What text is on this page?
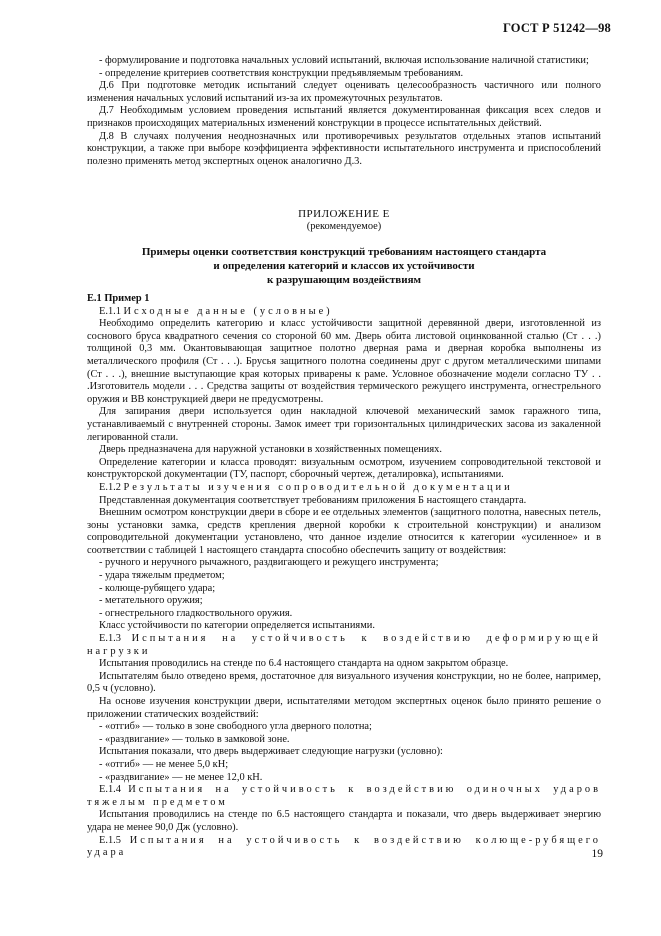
ГОСТ Р 51242—98

- формулирование и подготовка начальных условий испытаний, включая использование наличной статистики;

- определение критериев соответствия конструкции предъявляемым требованиям.

Д.6 При подготовке методик испытаний следует оценивать целесообразность частичного или полного изменения начальных условий испытаний из-за их промежуточных результатов.

Д.7 Необходимым условием проведения испытаний является документированная фиксация всех следов и признаков происходящих материальных изменений конструкции в процессе испытательных действий.

Д.8 В случаях получения неоднозначных или противоречивых результатов отдельных этапов испытаний конструкции, а также при выборе коэффициента эффективности испытательного инструмента и приспособлений полезно применять метод экспертных оценок аналогично Д.3.

ПРИЛОЖЕНИЕ Е

(рекомендуемое)

Примеры оценки соответствия конструкций требованиям настоящего стандарта

и определения категорий и классов их устойчивости

к разрушающим воздействиям

Е.1 Пример 1

Е.1.1 Исходные данные (условные)

Необходимо определить категорию и класс устойчивости защитной деревянной двери, изготовленной из соснового бруса квадратного сечения со стороной 60 мм. Дверь обита листовой оцинкованной сталью (Ст . . .) толщиной 0,3 мм. Окантовывающая защитное полотно дверная рама и дверная коробка выполнены из металлического профиля (Ст . . .). Брусья защитного полотна соединены друг с другом металлическими шипами (Ст . . .), внешние выступающие края которых приварены к раме. Условное обозначение модели согласно ТУ . . .Изготовитель модели . . . Средства защиты от воздействия термического режущего инструмента, огнестрельного оружия и ВВ конструкцией двери не предусмотрены.

Для запирания двери используется один накладной ключевой механический замок гаражного типа, устанавливаемый с внутренней стороны. Замок имеет три горизонтальных цилиндрических засова из закаленной легированной стали.

Дверь предназначена для наружной установки в хозяйственных помещениях.

Определение категории и класса проводят: визуальным осмотром, изучением сопроводительной текстовой и конструкторской документации (ТУ, паспорт, сборочный чертеж, деталировка), испытаниями.

Е.1.2 Результаты изучения сопроводительной документации

Представленная документация соответствует требованиям приложения Б настоящего стандарта.

Внешним осмотром конструкции двери в сборе и ее отдельных элементов (защитного полотна, навесных петель, зоны установки замка, средств крепления дверной коробки к строительной конструкции) и анализом сопроводительной документации установлено, что данное изделие относится к категории «усиленное» и в соответствии с таблицей 1 настоящего стандарта способно обеспечить защиту от воздействия:

- ручного и неручного рычажного, раздвигающего и режущего инструмента;

- удара тяжелым предметом;

- колюще-рубящего удара;

- метательного оружия;

- огнестрельного гладкоствольного оружия.

Класс устойчивости по категории определяется испытаниями.

Е.1.3 Испытания на устойчивость к воздействию деформирующей нагрузки

Испытания проводились на стенде по 6.4 настоящего стандарта на одном закрытом образце.

Испытателям было отведено время, достаточное для визуального изучения конструкции, но не более, например, 0,5 ч (условно).

На основе изучения конструкции двери, испытателями методом экспертных оценок было принято решение о приложении статических воздействий:

- «отгиб» — только в зоне свободного угла дверного полотна;

- «раздвигание» — только в замковой зоне.

Испытания показали, что дверь выдерживает следующие нагрузки (условно):

- «отгиб» — не менее 5,0 кН;

- «раздвигание» — не менее 12,0 кН.

Е.1.4 Испытания на устойчивость к воздействию одиночных ударов тяжелым предметом

Испытания проводились на стенде по 6.5 настоящего стандарта и показали, что дверь выдерживает энергию удара не менее 90,0 Дж (условно).

Е.1.5 Испытания на устойчивость к воздействию колюще-рубящего удара	19
